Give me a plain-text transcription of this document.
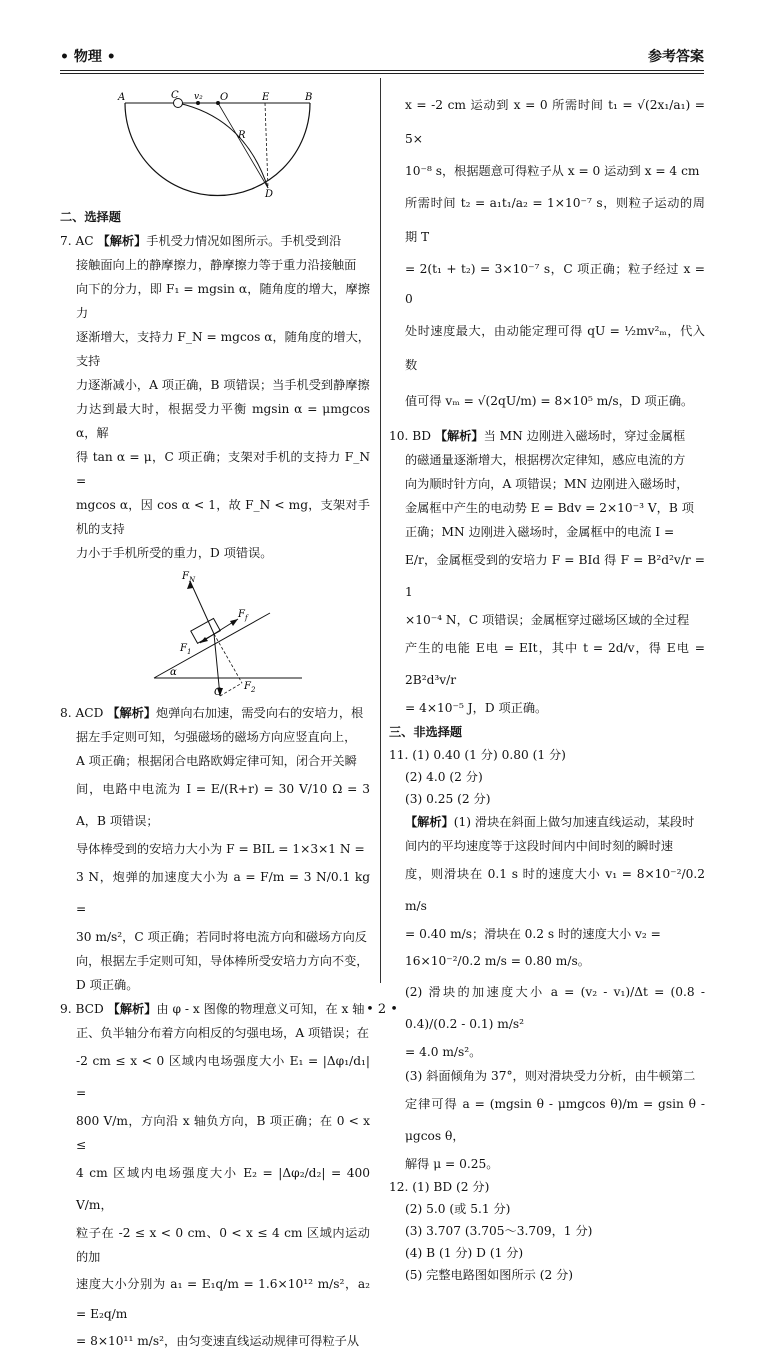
• 物理 •	参考答案
A	C v₂ O	E	B
R
D

二、选择题

7. AC 【解析】手机受力情况如图所示。手机受到沿

接触面向上的静摩擦力，静摩擦力等于重力沿接触面

向下的分力，即 F₁ = mgsin α，随角度的增大，摩擦力

逐渐增大，支持力 F_N = mgcos α，随角度的增大，支持

力逐渐减小，A 项正确，B 项错误；当手机受到静摩擦

力达到最大时，根据受力平衡 mgsin α = μmgcos α，解

得 tan α = μ，C 项正确；支架对手机的支持力 F_N =

mgcos α，因 cos α < 1，故 F_N < mg，支架对手机的支持

力小于手机所受的重力，D 项错误。

$F_N$
$F_f$
$F_1$
α
$F_2$
G

8. ACD 【解析】炮弹向右加速，需受向右的安培力，根

据左手定则可知，匀强磁场的磁场方向应竖直向上，

A 项正确；根据闭合电路欧姆定律可知，闭合开关瞬

间，电路中电流为 I = E/(R+r) = 30 V/10 Ω = 3 A，B 项错误；

导体棒受到的安培力大小为 F = BIL = 1×3×1 N =

3 N，炮弹的加速度大小为 a = F/m = 3 N/0.1 kg =

30 m/s²，C 项正确；若同时将电流方向和磁场方向反

向，根据左手定则可知，导体棒所受安培力方向不变，

D 项正确。

9. BCD 【解析】由 φ - x 图像的物理意义可知，在 x 轴

正、负半轴分布着方向相反的匀强电场，A 项错误；在

-2 cm ≤ x < 0 区域内电场强度大小 E₁ = |Δφ₁/d₁| =

800 V/m，方向沿 x 轴负方向，B 项正确；在 0 < x ≤

4 cm 区域内电场强度大小 E₂ = |Δφ₂/d₂| = 400 V/m，

粒子在 -2 ≤ x < 0 cm、0 < x ≤ 4 cm 区域内运动的加

速度大小分别为 a₁ = E₁q/m = 1.6×10¹² m/s²，a₂ = E₂q/m

= 8×10¹¹ m/s²，由匀变速直线运动规律可得粒子从

x = -2 cm 运动到 x = 0 所需时间 t₁ = √(2x₁/a₁) = 5×

10⁻⁸ s，根据题意可得粒子从 x = 0 运动到 x = 4 cm

所需时间 t₂ = a₁t₁/a₂ = 1×10⁻⁷ s，则粒子运动的周期 T

= 2(t₁ + t₂) = 3×10⁻⁷ s，C 项正确；粒子经过 x = 0

处时速度最大，由动能定理可得 qU = ½mv²ₘ，代入数

值可得 vₘ = √(2qU/m) = 8×10⁵ m/s，D 项正确。

10. BD 【解析】当 MN 边刚进入磁场时，穿过金属框

的磁通量逐渐增大，根据楞次定律知，感应电流的方

向为顺时针方向，A 项错误；MN 边刚进入磁场时，

金属框中产生的电动势 E = Bdv = 2×10⁻³ V，B 项

正确；MN 边刚进入磁场时，金属框中的电流 I =

E/r，金属框受到的安培力 F = BId 得 F = B²d²v/r = 1

×10⁻⁴ N，C 项错误；金属框穿过磁场区域的全过程

产生的电能 E电 = EIt，其中 t = 2d/v，得 E电 = 2B²d³v/r

= 4×10⁻⁵ J，D 项正确。

三、非选择题

11. (1) 0.40 (1 分) 0.80 (1 分)

(2) 4.0 (2 分)

(3) 0.25 (2 分)

【解析】(1) 滑块在斜面上做匀加速直线运动，某段时

间内的平均速度等于这段时间内中间时刻的瞬时速

度，则滑块在 0.1 s 时的速度大小 v₁ = 8×10⁻²/0.2 m/s

= 0.40 m/s；滑块在 0.2 s 时的速度大小 v₂ =

16×10⁻²/0.2 m/s = 0.80 m/s。

(2) 滑块的加速度大小 a = (v₂ - v₁)/Δt = (0.8 - 0.4)/(0.2 - 0.1) m/s²

= 4.0 m/s²。

(3) 斜面倾角为 37°，则对滑块受力分析，由牛顿第二

定律可得 a = (mgsin θ - μmgcos θ)/m = gsin θ - μgcos θ，

解得 μ = 0.25。

12. (1) BD (2 分)

(2) 5.0 (或 5.1 分)

(3) 3.707 (3.705～3.709，1 分)

(4) B (1 分) D (1 分)

(5) 完整电路图如图所示 (2 分)

• 2 •
